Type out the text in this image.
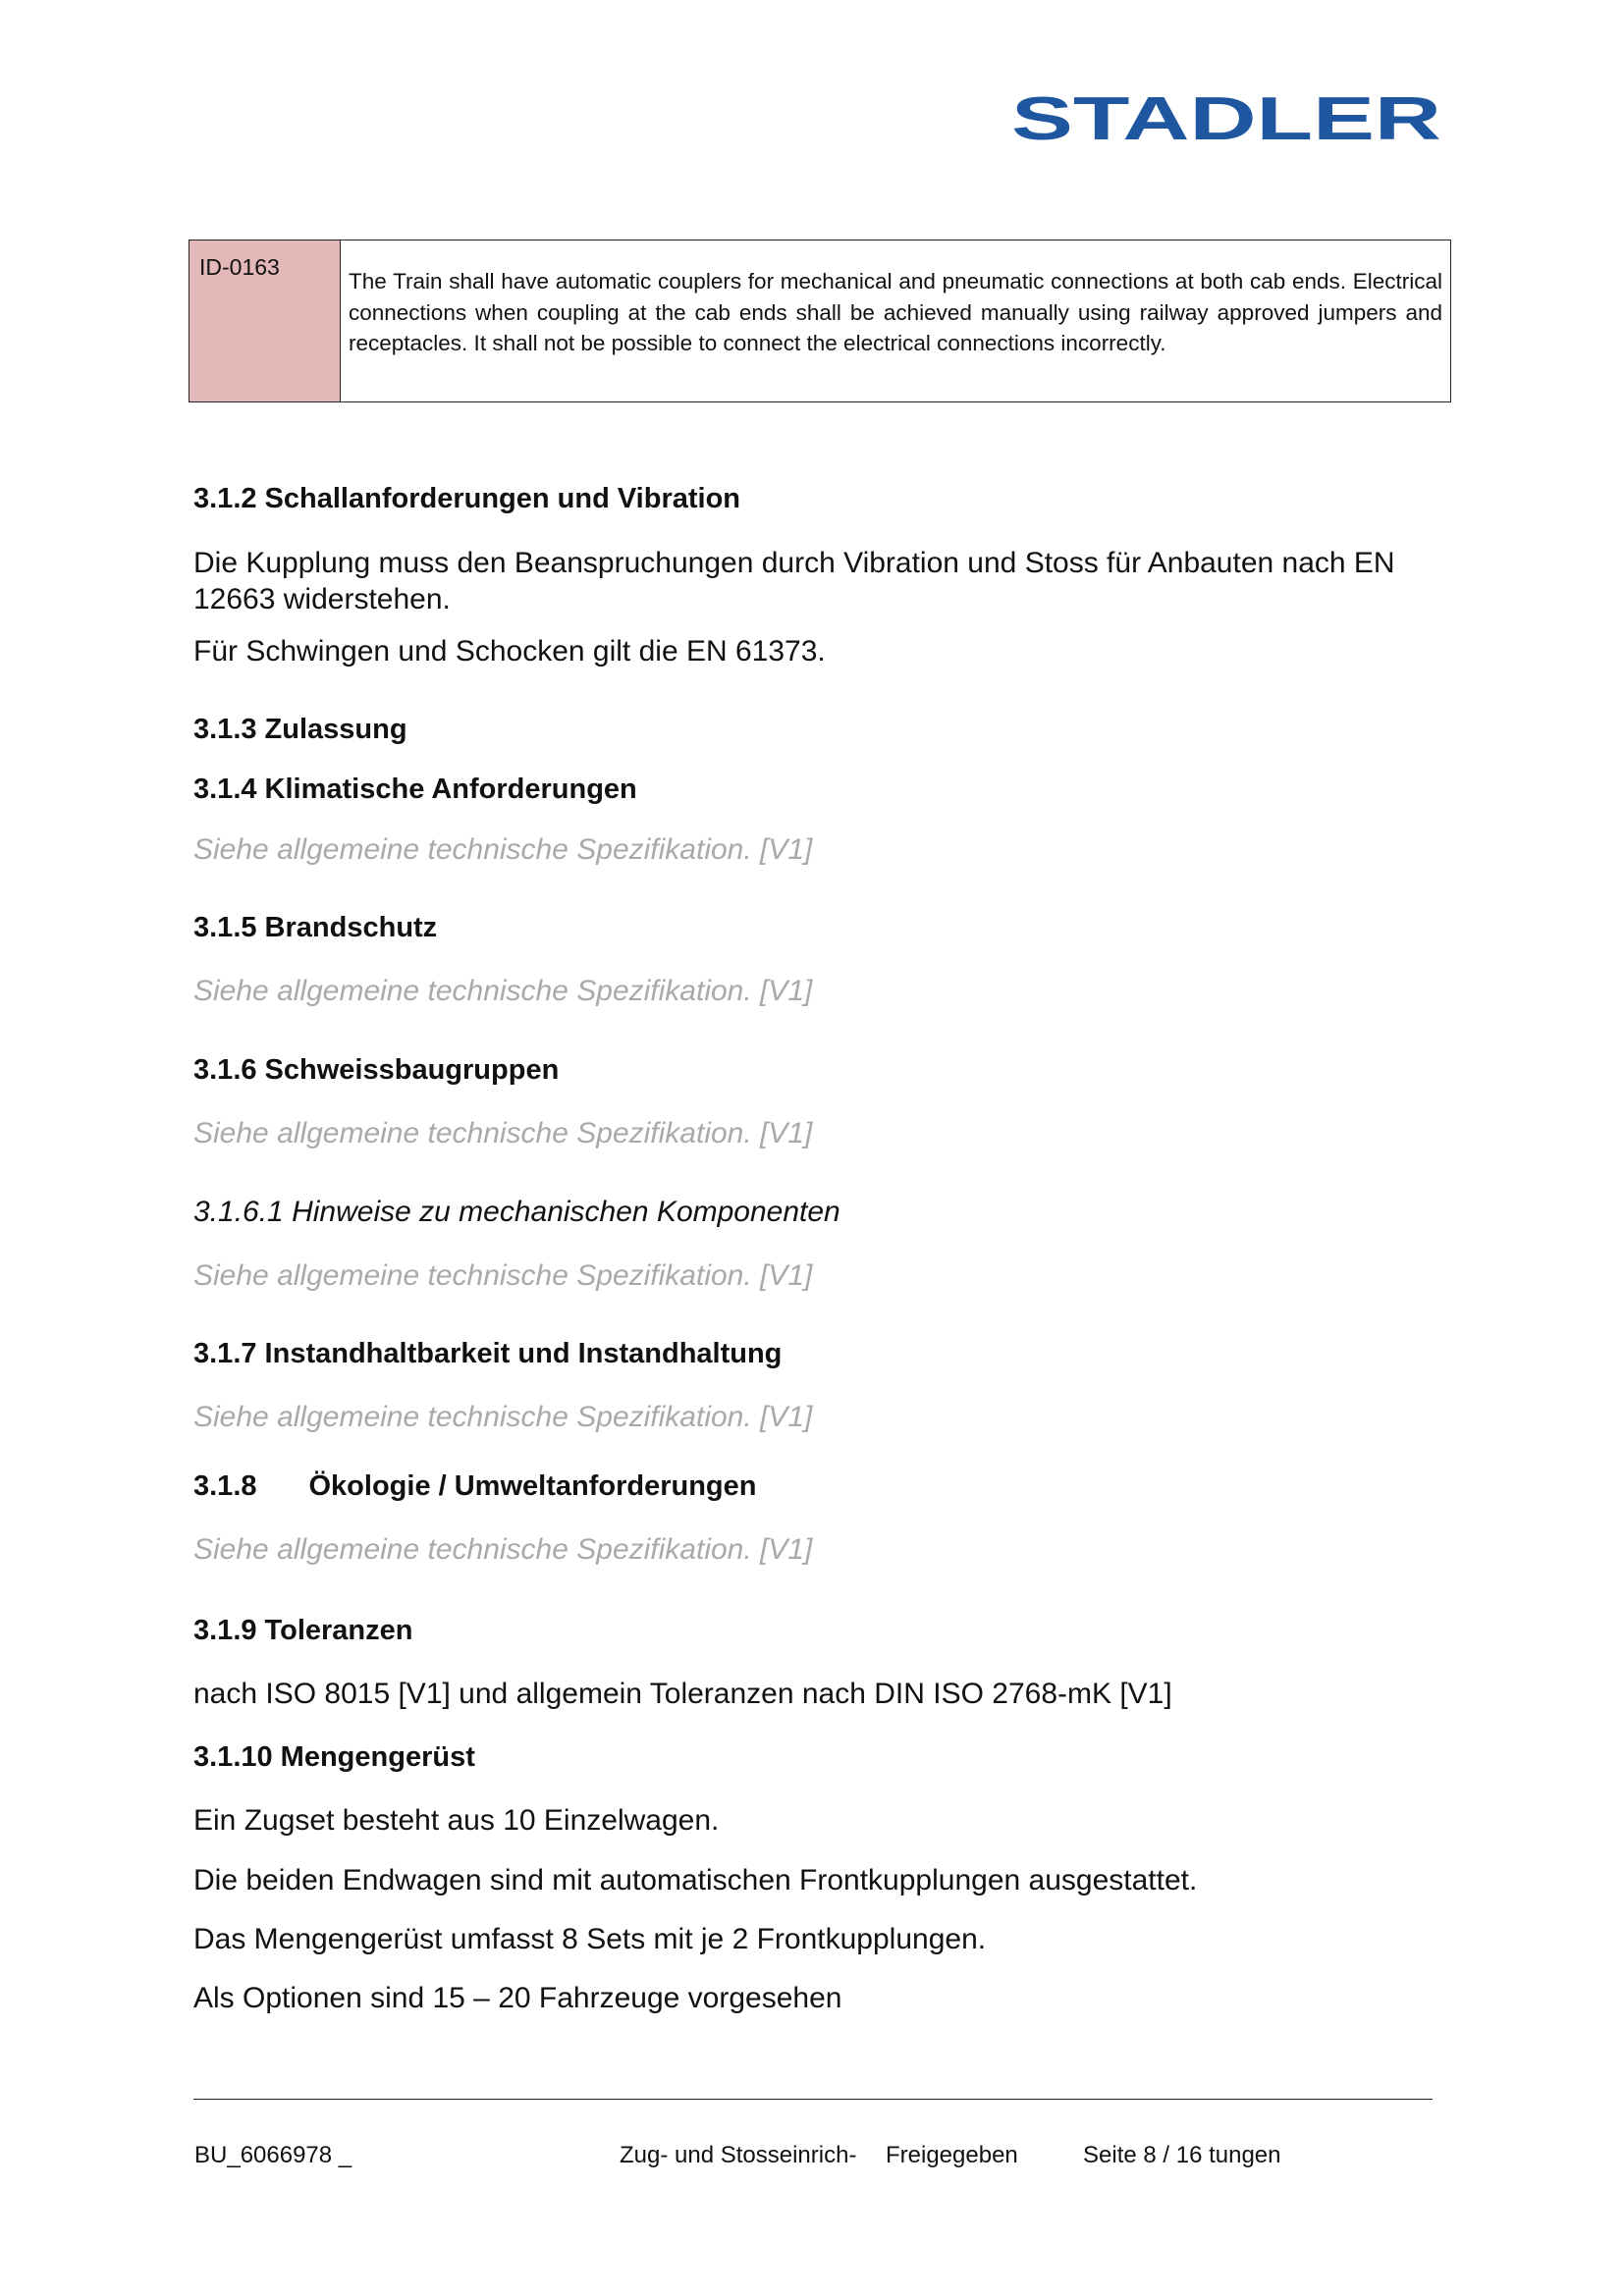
STADLER
ID-0163
The Train shall have automatic couplers for mechanical and pneumatic connections at both cab ends. Electrical connections when coupling at the cab ends shall be achieved manually using railway approved jumpers and receptacles. It shall not be possible to connect the electrical connections incorrectly.
3.1.2 Schallanforderungen und Vibration
Die Kupplung muss den Beanspruchungen durch Vibration und Stoss für Anbauten nach EN 12663 widerstehen.
Für Schwingen und Schocken gilt die EN 61373.
3.1.3 Zulassung
3.1.4 Klimatische Anforderungen
Siehe allgemeine technische Spezifikation. [V1]
3.1.5 Brandschutz
Siehe allgemeine technische Spezifikation. [V1]
3.1.6 Schweissbaugruppen
Siehe allgemeine technische Spezifikation. [V1]
3.1.6.1 Hinweise zu mechanischen Komponenten
Siehe allgemeine technische Spezifikation. [V1]
3.1.7 Instandhaltbarkeit und Instandhaltung
Siehe allgemeine technische Spezifikation. [V1]
3.1.8 Ökologie / Umweltanforderungen
Siehe allgemeine technische Spezifikation. [V1]
3.1.9 Toleranzen
nach ISO 8015 [V1] und allgemein Toleranzen nach DIN ISO 2768-mK [V1]
3.1.10 Mengengerüst
Ein Zugset besteht aus 10 Einzelwagen.
Die beiden Endwagen sind mit automatischen Frontkupplungen ausgestattet.
Das Mengengerüst umfasst 8 Sets mit je 2 Frontkupplungen.
Als Optionen sind 15 – 20 Fahrzeuge vorgesehen
BU_6066978 _	Zug- und Stosseinrich- Freigegeben	Seite 8 / 16 tungen
